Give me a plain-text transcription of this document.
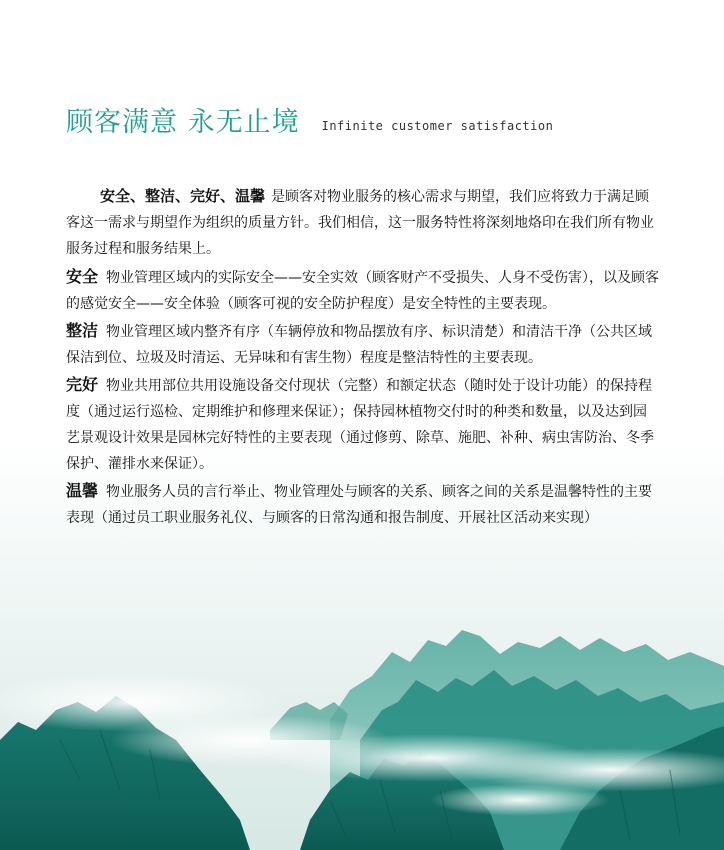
顾客满意 永无止境 Infinite customer satisfaction

安全、整洁、完好、温馨 是顾客对物业服务的核心需求与期望，我们应将致力于满足顾客这一需求与期望作为组织的质量方针。我们相信，这一服务特性将深刻地烙印在我们所有物业服务过程和服务结果上。

安全 物业管理区域内的实际安全——安全实效（顾客财产不受损失、人身不受伤害），以及顾客的感觉安全——安全体验（顾客可视的安全防护程度）是安全特性的主要表现。

整洁 物业管理区域内整齐有序（车辆停放和物品摆放有序、标识清楚）和清洁干净（公共区域保洁到位、垃圾及时清运、无异味和有害生物）程度是整洁特性的主要表现。

完好 物业共用部位共用设施设备交付现状（完整）和额定状态（随时处于设计功能）的保持程度（通过运行巡检、定期维护和修理来保证）；保持园林植物交付时的种类和数量，以及达到园艺景观设计效果是园林完好特性的主要表现（通过修剪、除草、施肥、补种、病虫害防治、冬季保护、灌排水来保证）。

温馨 物业服务人员的言行举止、物业管理处与顾客的关系、顾客之间的关系是温馨特性的主要表现（通过员工职业服务礼仪、与顾客的日常沟通和报告制度、开展社区活动来实现）
